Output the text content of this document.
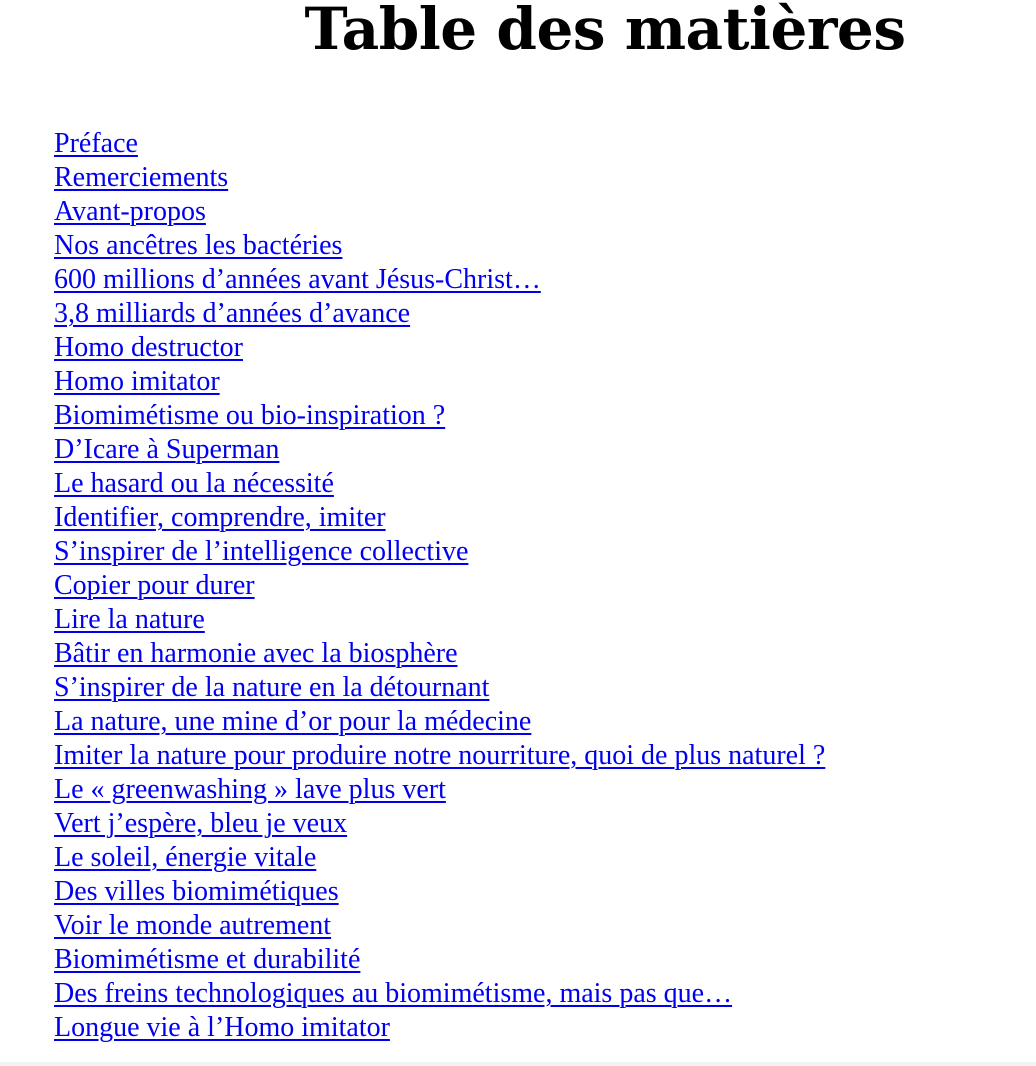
Table des matières
Préface
Remerciements
Avant-propos
Nos ancêtres les bactéries
600 millions d’années avant Jésus-Christ…
3,8 milliards d’années d’avance
Homo destructor
Homo imitator
Biomimétisme ou bio-inspiration ?
D’Icare à Superman
Le hasard ou la nécessité
Identifier, comprendre, imiter
S’inspirer de l’intelligence collective
Copier pour durer
Lire la nature
Bâtir en harmonie avec la biosphère
S’inspirer de la nature en la détournant
La nature, une mine d’or pour la médecine
Imiter la nature pour produire notre nourriture, quoi de plus naturel ?
Le « greenwashing » lave plus vert
Vert j’espère, bleu je veux
Le soleil, énergie vitale
Des villes biomimétiques
Voir le monde autrement
Biomimétisme et durabilité
Des freins technologiques au biomimétisme, mais pas que…
Longue vie à l’Homo imitator
